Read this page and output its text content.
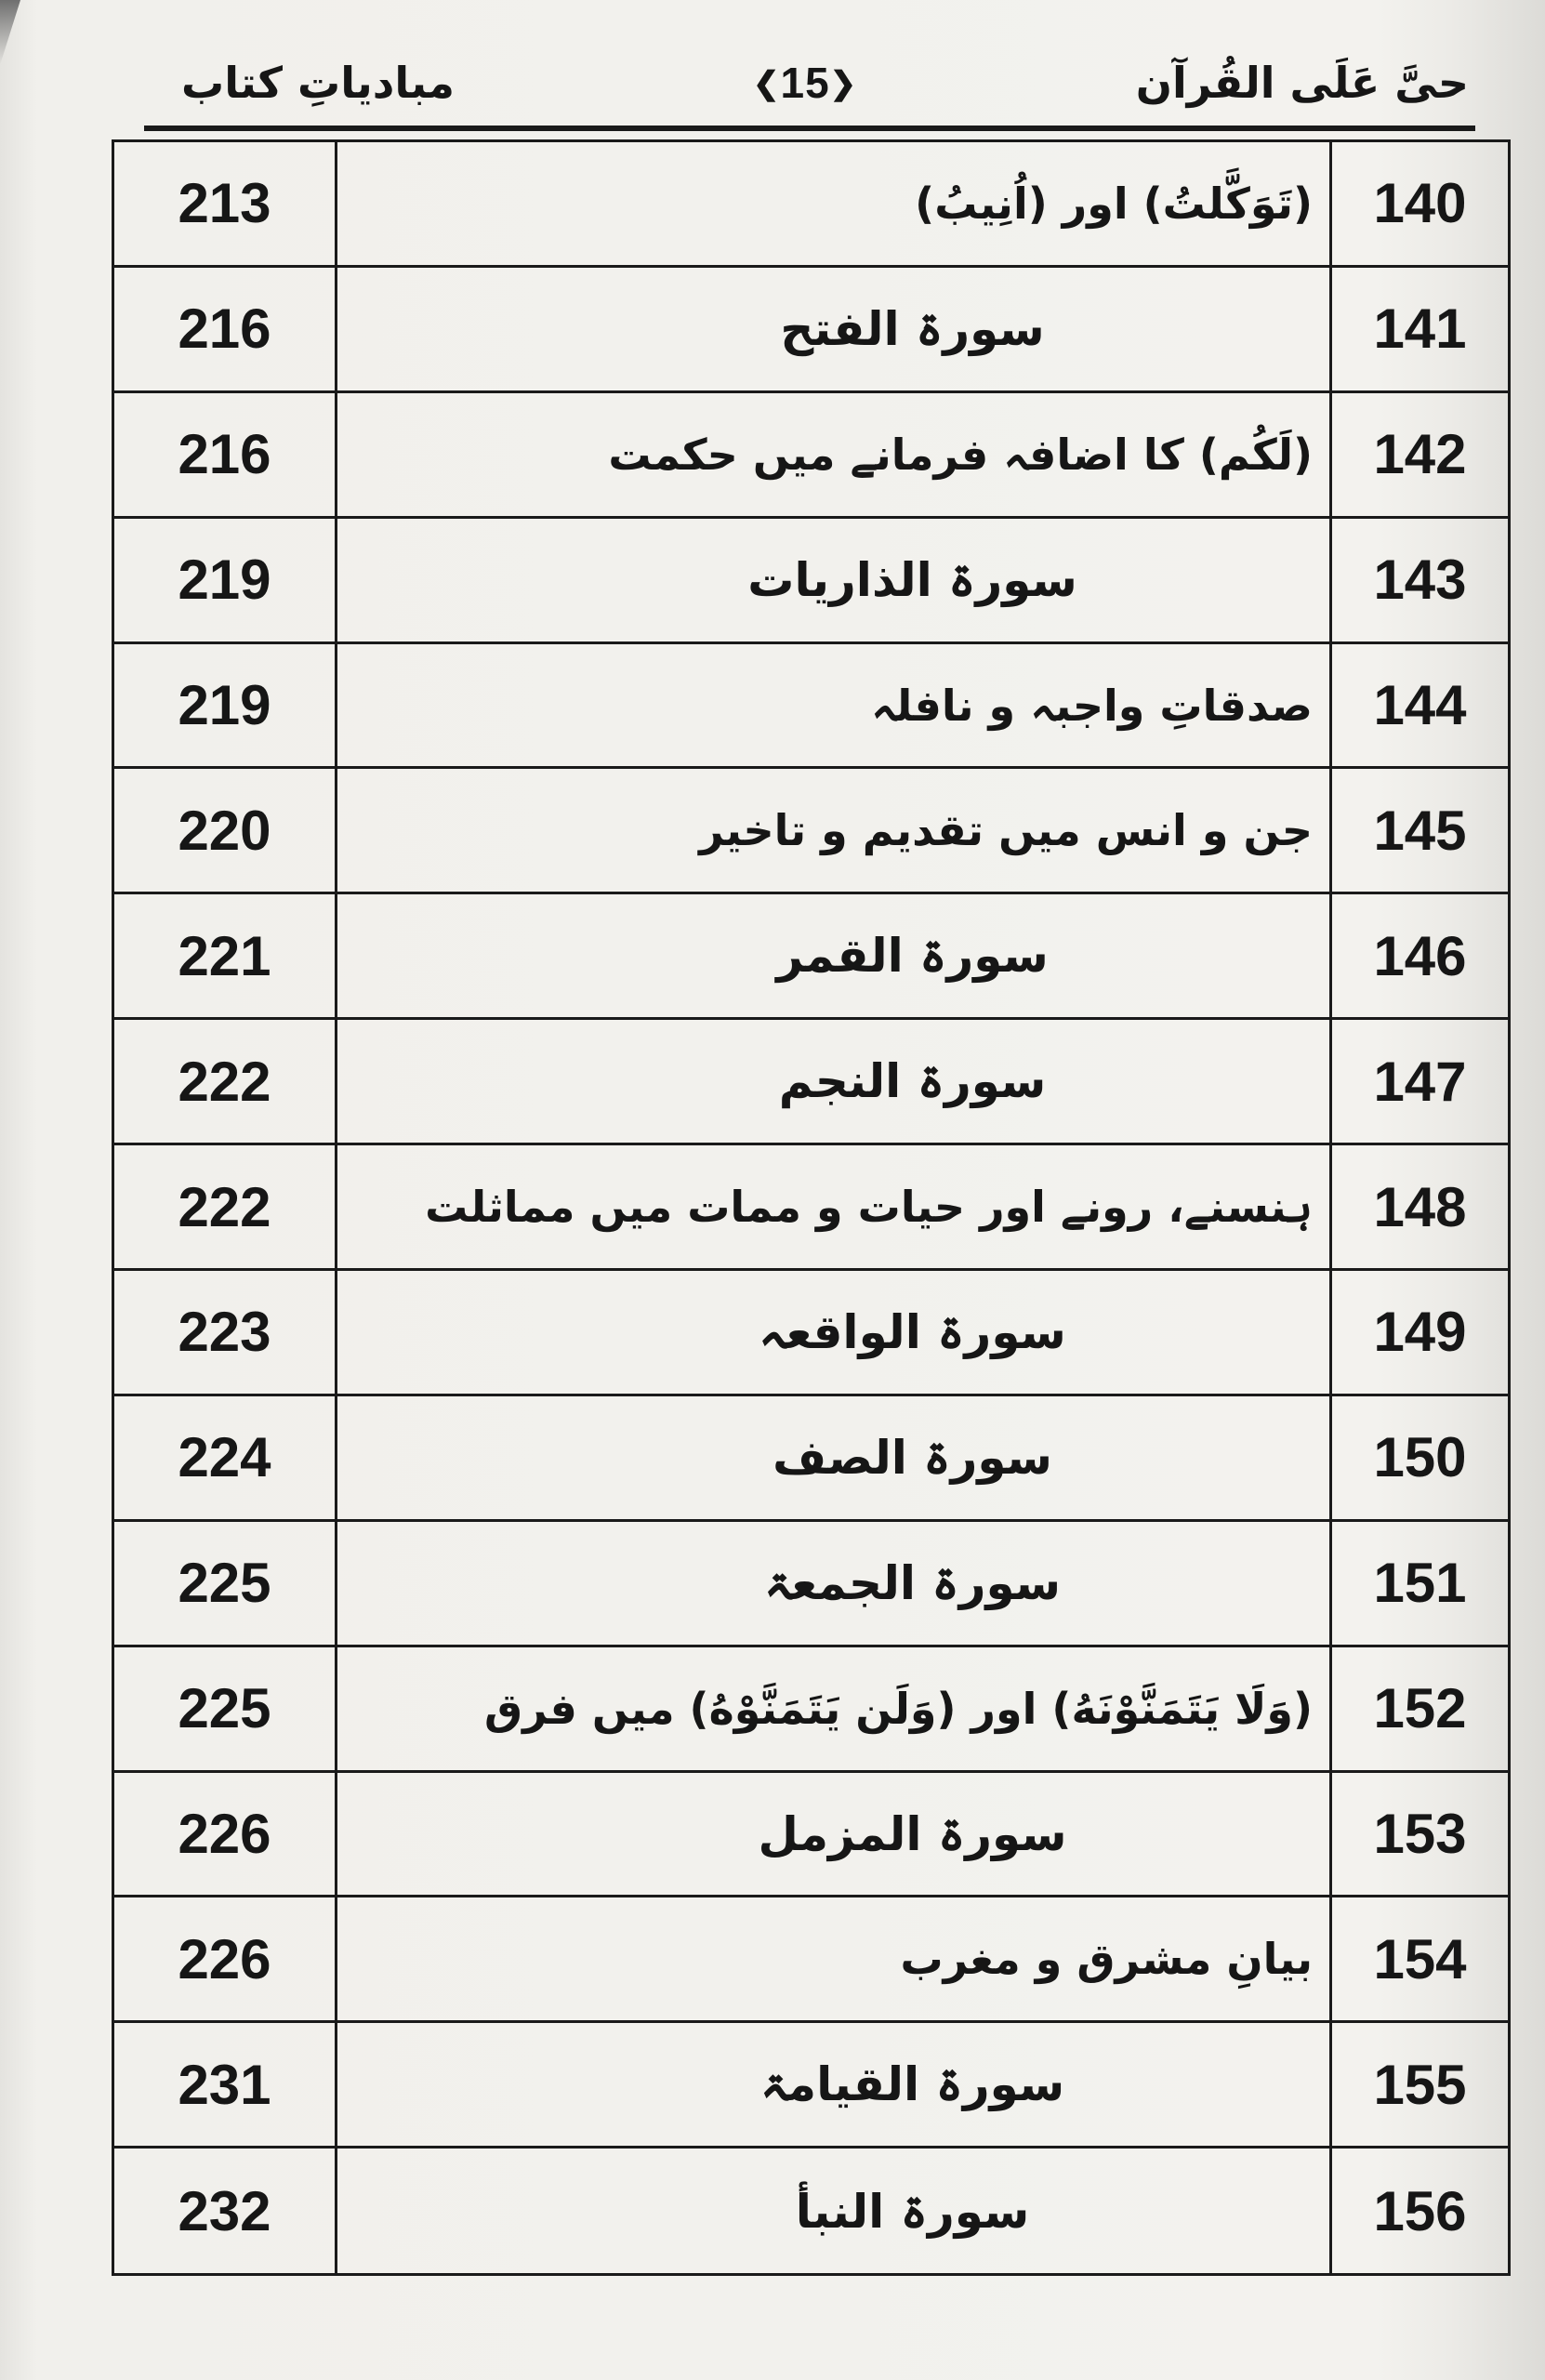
مبادیاتِ کتاب	❮15❯	حیَّ عَلَی القُرآن
213	(تَوَکَّلتُ) اور (اُنِیبُ)	140
216	سورۃ الفتح	141
216	(لَکُم) کا اضافہ فرمانے میں حکمت	142
219	سورۃ الذاریات	143
219	صدقاتِ واجبہ و نافلہ	144
220	جن و انس میں تقدیم و تاخیر	145
221	سورۃ القمر	146
222	سورۃ النجم	147
222	ہنسنے، رونے اور حیات و ممات میں مماثلت	148
223	سورۃ الواقعہ	149
224	سورۃ الصف	150
225	سورۃ الجمعۃ	151
225	(وَلَا یَتَمَنَّوْنَهُ) اور (وَلَن یَتَمَنَّوْهُ) میں فرق	152
226	سورۃ المزمل	153
226	بیانِ مشرق و مغرب	154
231	سورۃ القیامۃ	155
232	سورۃ النبأ	156
